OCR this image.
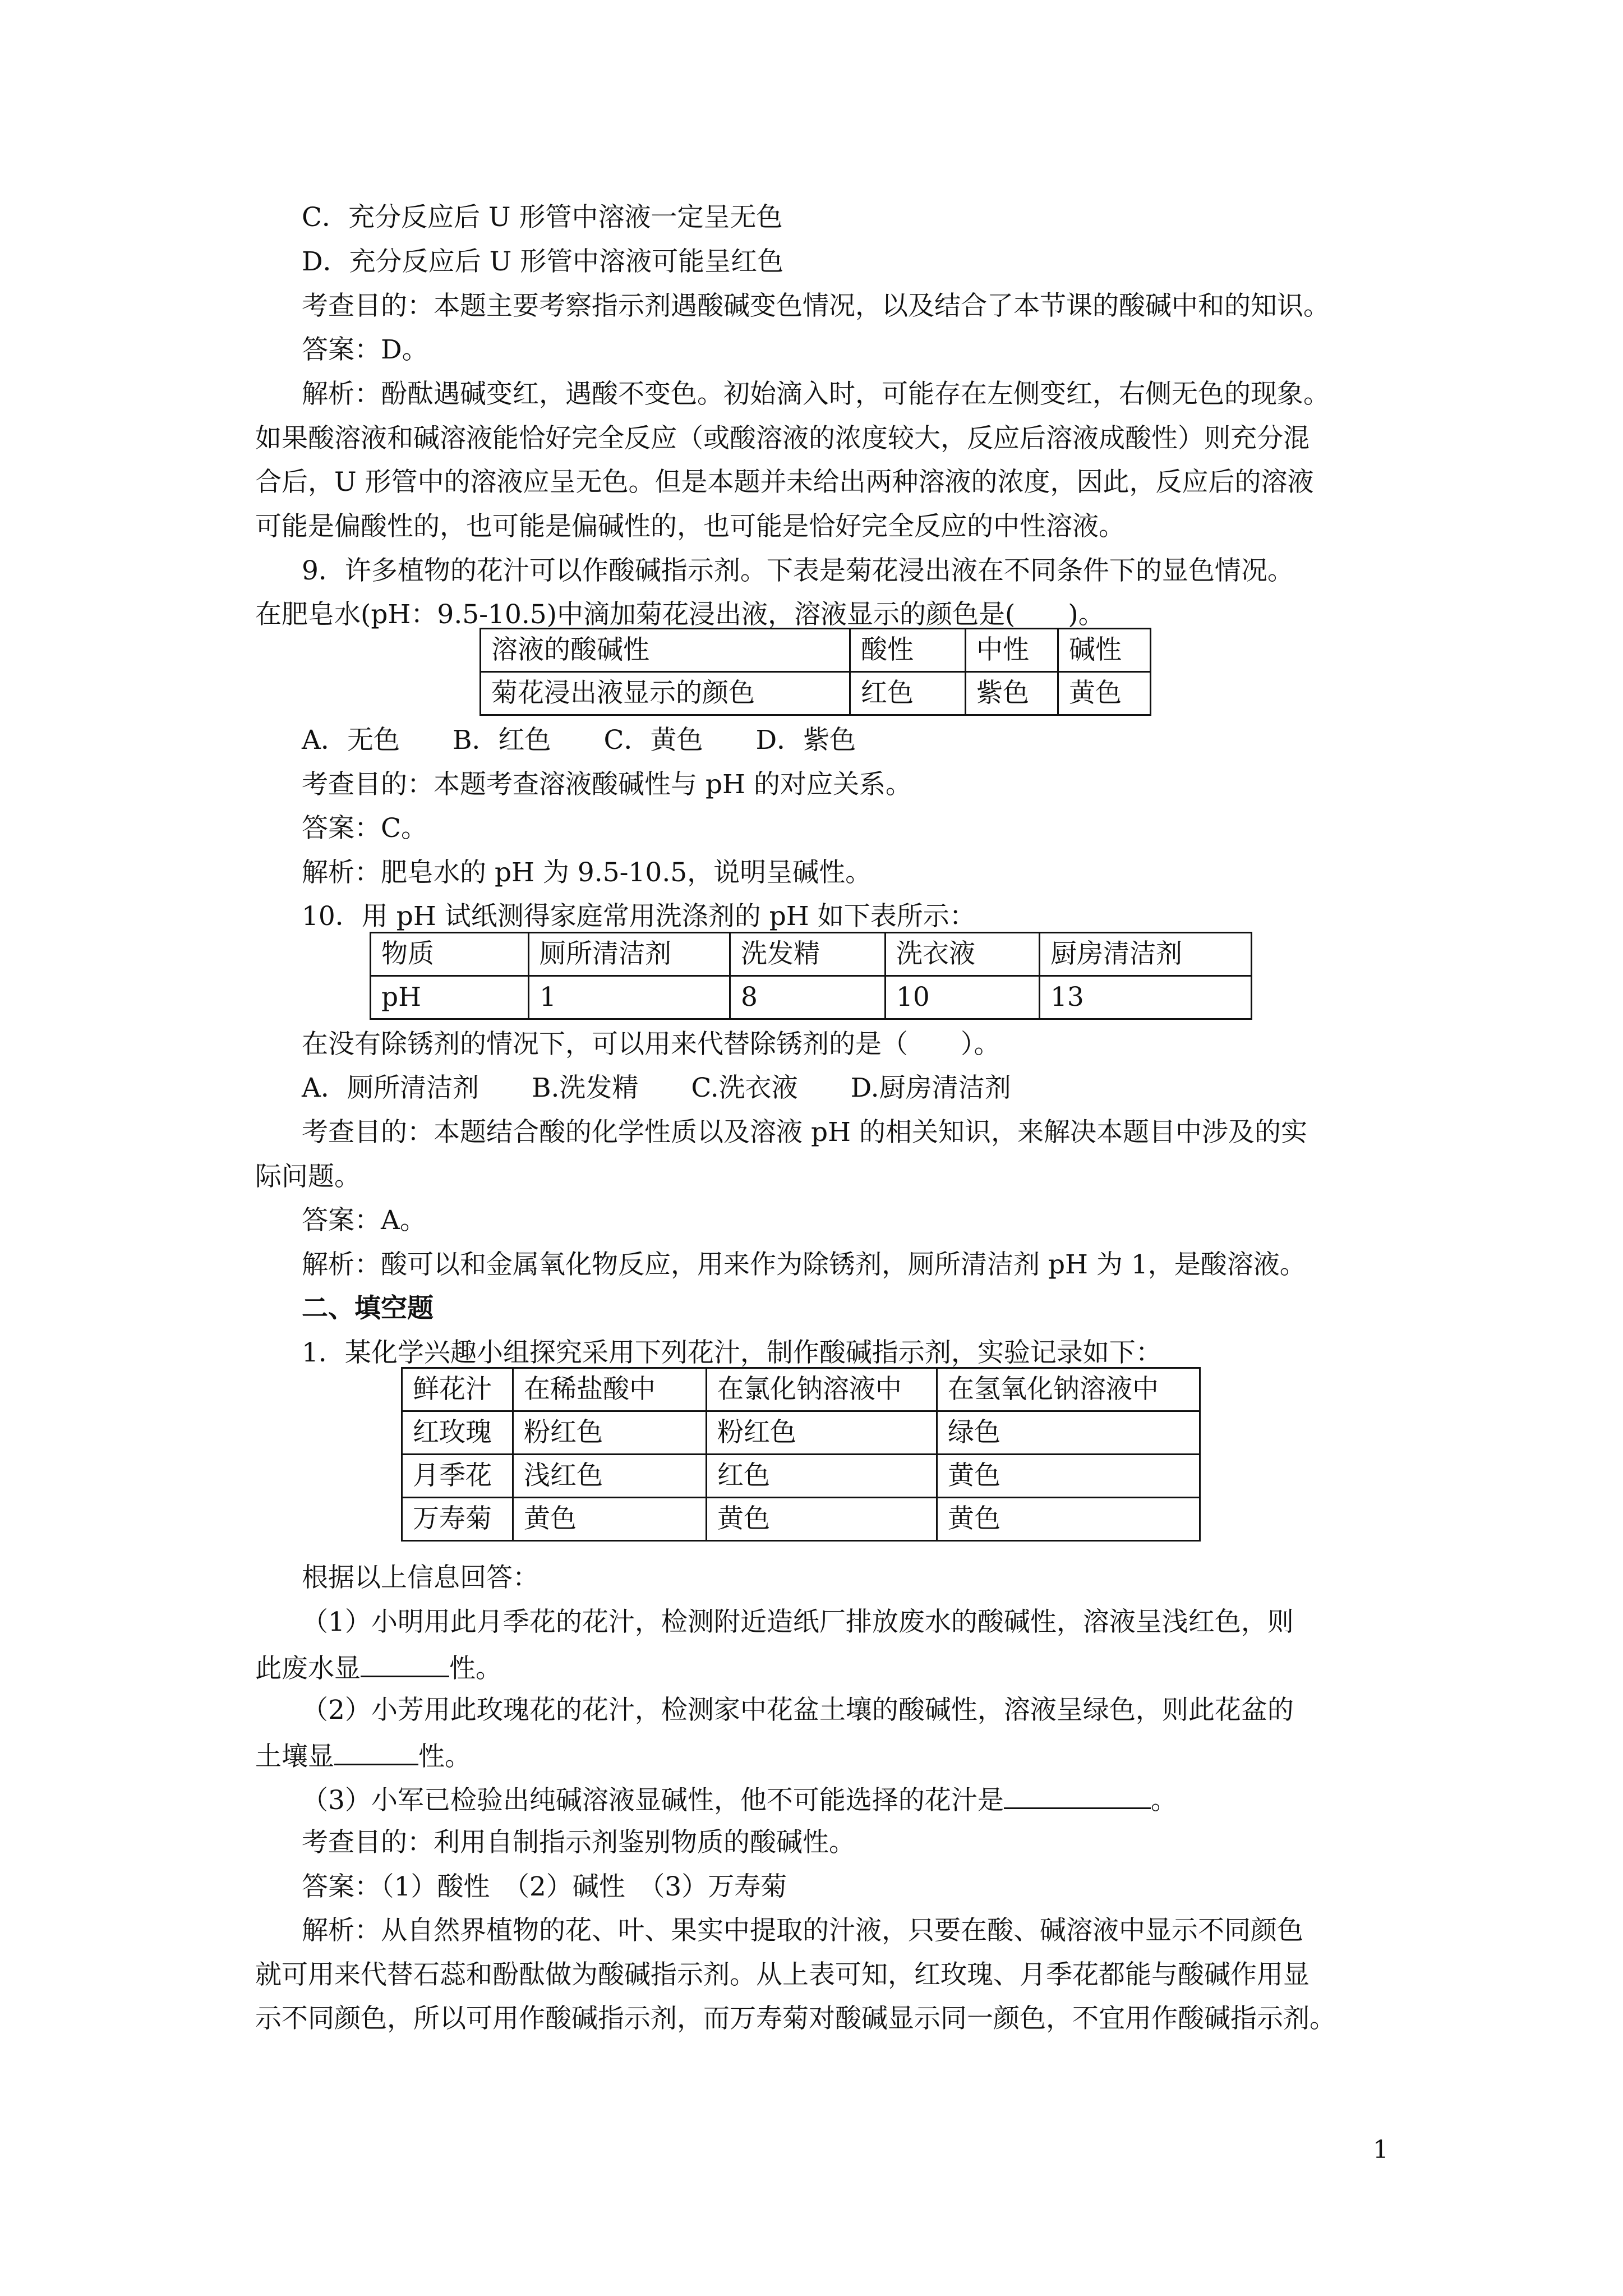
C．充分反应后 U 形管中溶液一定呈无色
D．充分反应后 U 形管中溶液可能呈红色
考查目的：本题主要考察指示剂遇酸碱变色情况，以及结合了本节课的酸碱中和的知识。
答案：D。
解析：酚酞遇碱变红，遇酸不变色。初始滴入时，可能存在左侧变红，右侧无色的现象。
如果酸溶液和碱溶液能恰好完全反应（或酸溶液的浓度较大，反应后溶液成酸性）则充分混
合后，U 形管中的溶液应呈无色。但是本题并未给出两种溶液的浓度，因此，反应后的溶液
可能是偏酸性的，也可能是偏碱性的，也可能是恰好完全反应的中性溶液。
9．许多植物的花汁可以作酸碱指示剂。下表是菊花浸出液在不同条件下的显色情况。
在肥皂水(pH：9.5-10.5)中滴加菊花浸出液，溶液显示的颜色是(　　)。
溶液的酸碱性	酸性	中性	碱性
菊花浸出液显示的颜色	红色	紫色	黄色
A．无色　　B．红色　　C．黄色　　D．紫色
考查目的：本题考查溶液酸碱性与 pH 的对应关系。
答案：C。
解析：肥皂水的 pH 为 9.5-10.5，说明呈碱性。
10．用 pH 试纸测得家庭常用洗涤剂的 pH 如下表所示：
物质	厕所清洁剂	洗发精	洗衣液	厨房清洁剂
pH	1	8	10	13
在没有除锈剂的情况下，可以用来代替除锈剂的是（　　）。
A．厕所清洁剂　　B.洗发精　　C.洗衣液　　D.厨房清洁剂
考查目的：本题结合酸的化学性质以及溶液 pH 的相关知识，来解决本题目中涉及的实
际问题。
答案：A。
解析：酸可以和金属氧化物反应，用来作为除锈剂，厕所清洁剂 pH 为 1，是酸溶液。
二、填空题
1．某化学兴趣小组探究采用下列花汁，制作酸碱指示剂，实验记录如下：
鲜花汁	在稀盐酸中	在氯化钠溶液中	在氢氧化钠溶液中
红玫瑰	粉红色	粉红色	绿色
月季花	浅红色	红色	黄色
万寿菊	黄色	黄色	黄色
根据以上信息回答：
（1）小明用此月季花的花汁，检测附近造纸厂排放废水的酸碱性，溶液呈浅红色，则
此废水显	性。
（2）小芳用此玫瑰花的花汁，检测家中花盆土壤的酸碱性，溶液呈绿色，则此花盆的
土壤显	性。
（3）小军已检验出纯碱溶液显碱性，他不可能选择的花汁是	。
考查目的：利用自制指示剂鉴别物质的酸碱性。
答案：（1）酸性　（2）碱性　（3）万寿菊
解析：从自然界植物的花、叶、果实中提取的汁液，只要在酸、碱溶液中显示不同颜色
就可用来代替石蕊和酚酞做为酸碱指示剂。从上表可知，红玫瑰、月季花都能与酸碱作用显
示不同颜色，所以可用作酸碱指示剂，而万寿菊对酸碱显示同一颜色，不宜用作酸碱指示剂。
1
